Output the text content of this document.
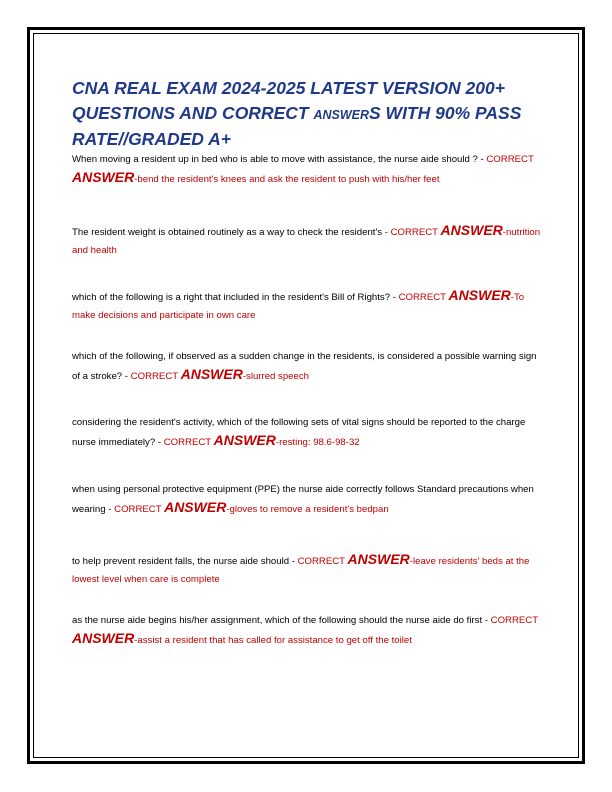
CNA REAL EXAM 2024-2025 LATEST VERSION 200+ QUESTIONS AND CORRECT ANSWERS WITH 90% PASS RATE//GRADED A+
When moving a resident up in bed who is able to move with assistance, the nurse aide should ? - CORRECT ANSWER-bend the resident's knees and ask the resident to push with his/her feet
The resident weight is obtained routinely as a way to check the resident's - CORRECT ANSWER-nutrition and health
which of the following is a right that included in the resident's Bill of Rights? - CORRECT ANSWER-To make decisions and participate in own care
which of the following, if observed as a sudden change in the residents, is considered a possible warning sign of a stroke? - CORRECT ANSWER-slurred speech
considering the resident's activity, which of the following sets of vital signs should be reported to the charge nurse immediately? - CORRECT ANSWER-resting: 98.6-98-32
when using personal protective equipment (PPE) the nurse aide correctly follows Standard precautions when wearing - CORRECT ANSWER-gloves to remove a resident's bedpan
to help prevent resident falls, the nurse aide should - CORRECT ANSWER-leave residents' beds at the lowest level when care is complete
as the nurse aide begins his/her assignment, which of the following should the nurse aide do first - CORRECT ANSWER-assist a resident that has called for assistance to get off the toilet
